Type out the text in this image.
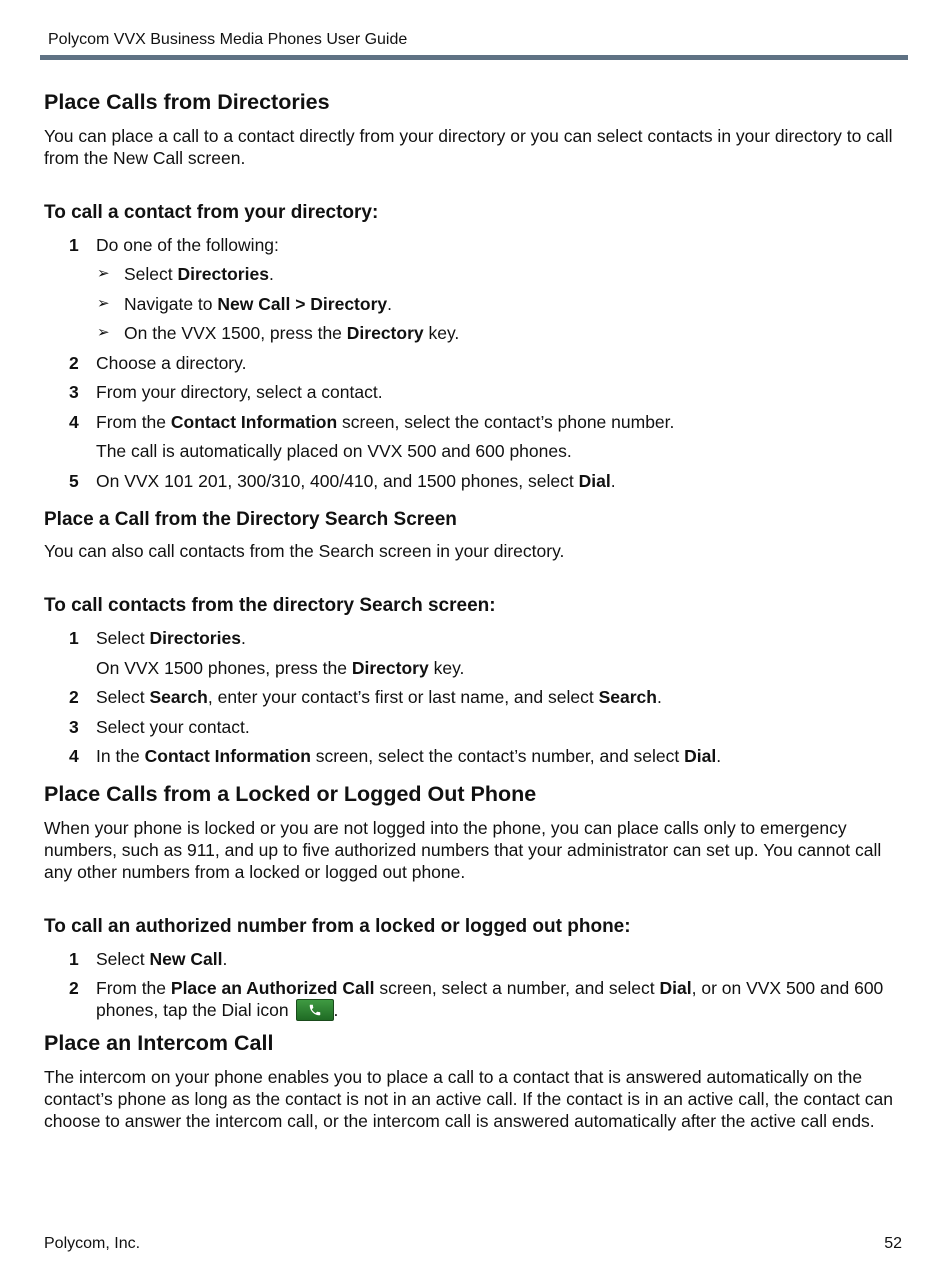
Polycom VVX Business Media Phones User Guide
Place Calls from Directories

You can place a call to a contact directly from your directory or you can select contacts in your directory to call from the New Call screen.

To call a contact from your directory:
1 Do one of the following:
➢ Select Directories.
➢ Navigate to New Call > Directory.
➢ On the VVX 1500, press the Directory key.
2 Choose a directory.
3 From your directory, select a contact.
4 From the Contact Information screen, select the contact’s phone number.
The call is automatically placed on VVX 500 and 600 phones.
5 On VVX 101 201, 300/310, 400/410, and 1500 phones, select Dial.
Place a Call from the Directory Search Screen

You can also call contacts from the Search screen in your directory.

To call contacts from the directory Search screen:
1 Select Directories.
On VVX 1500 phones, press the Directory key.
2 Select Search, enter your contact’s first or last name, and select Search.
3 Select your contact.
4 In the Contact Information screen, select the contact’s number, and select Dial.
Place Calls from a Locked or Logged Out Phone

When your phone is locked or you are not logged into the phone, you can place calls only to emergency numbers, such as 911, and up to five authorized numbers that your administrator can set up. You cannot call any other numbers from a locked or logged out phone.

To call an authorized number from a locked or logged out phone:
1 Select New Call.
2 From the Place an Authorized Call screen, select a number, and select Dial, or on VVX 500 and 600 phones, tap the Dial icon
.
Place an Intercom Call

The intercom on your phone enables you to place a call to a contact that is answered automatically on the contact’s phone as long as the contact is not in an active call. If the contact is in an active call, the contact can choose to answer the intercom call, or the intercom call is answered automatically after the active call ends.

Polycom, Inc.	52
